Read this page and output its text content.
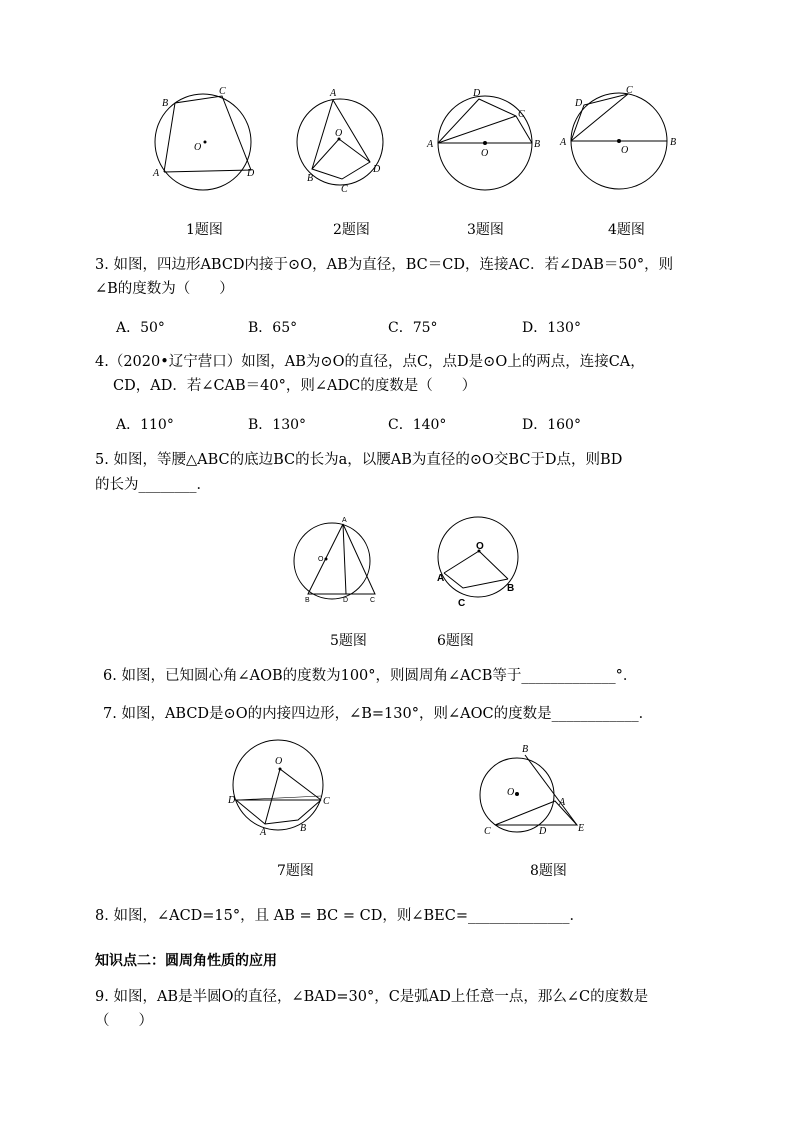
A
B
C
D
O
A
B
C
D
O
A	B
C
D
O
A	B
C
D
O
1题图	2题图	3题图	4题图
3. 如图，四边形ABCD内接于⊙O，AB为直径，BC＝CD，连接AC．若∠DAB＝50°，则
∠B的度数为（　　）
A．50°	B．65°	C．75°	D．130°
4.（2020•辽宁营口）如图，AB为⊙O的直径，点C，点D是⊙O上的两点，连接CA，
CD，AD．若∠CAB＝40°，则∠ADC的度数是（　　）
A．110°	B．130°	C．140°	D．160°
5. 如图，等腰△ABC的底边BC的长为a，以腰AB为直径的⊙O交BC于D点，则BD
的长为________．
A
B	C
D
O
O
A
B
C
5题图	6题图
6. 如图，已知圆心角∠AOB的度数为100°，则圆周角∠ACB等于_____________°．
7. 如图，ABCD是⊙O的内接四边形，∠B=130°，则∠AOC的度数是____________．
O
D	C
A	B
B
A
O
C	D	E
7题图	8题图
8. 如图，∠ACD=15°，且 AB = BC = CD，则∠BEC=______________．
知识点二：圆周角性质的应用
9. 如图，AB是半圆O的直径，∠BAD=30°，C是弧AD上任意一点，那么∠C的度数是
（　　）
